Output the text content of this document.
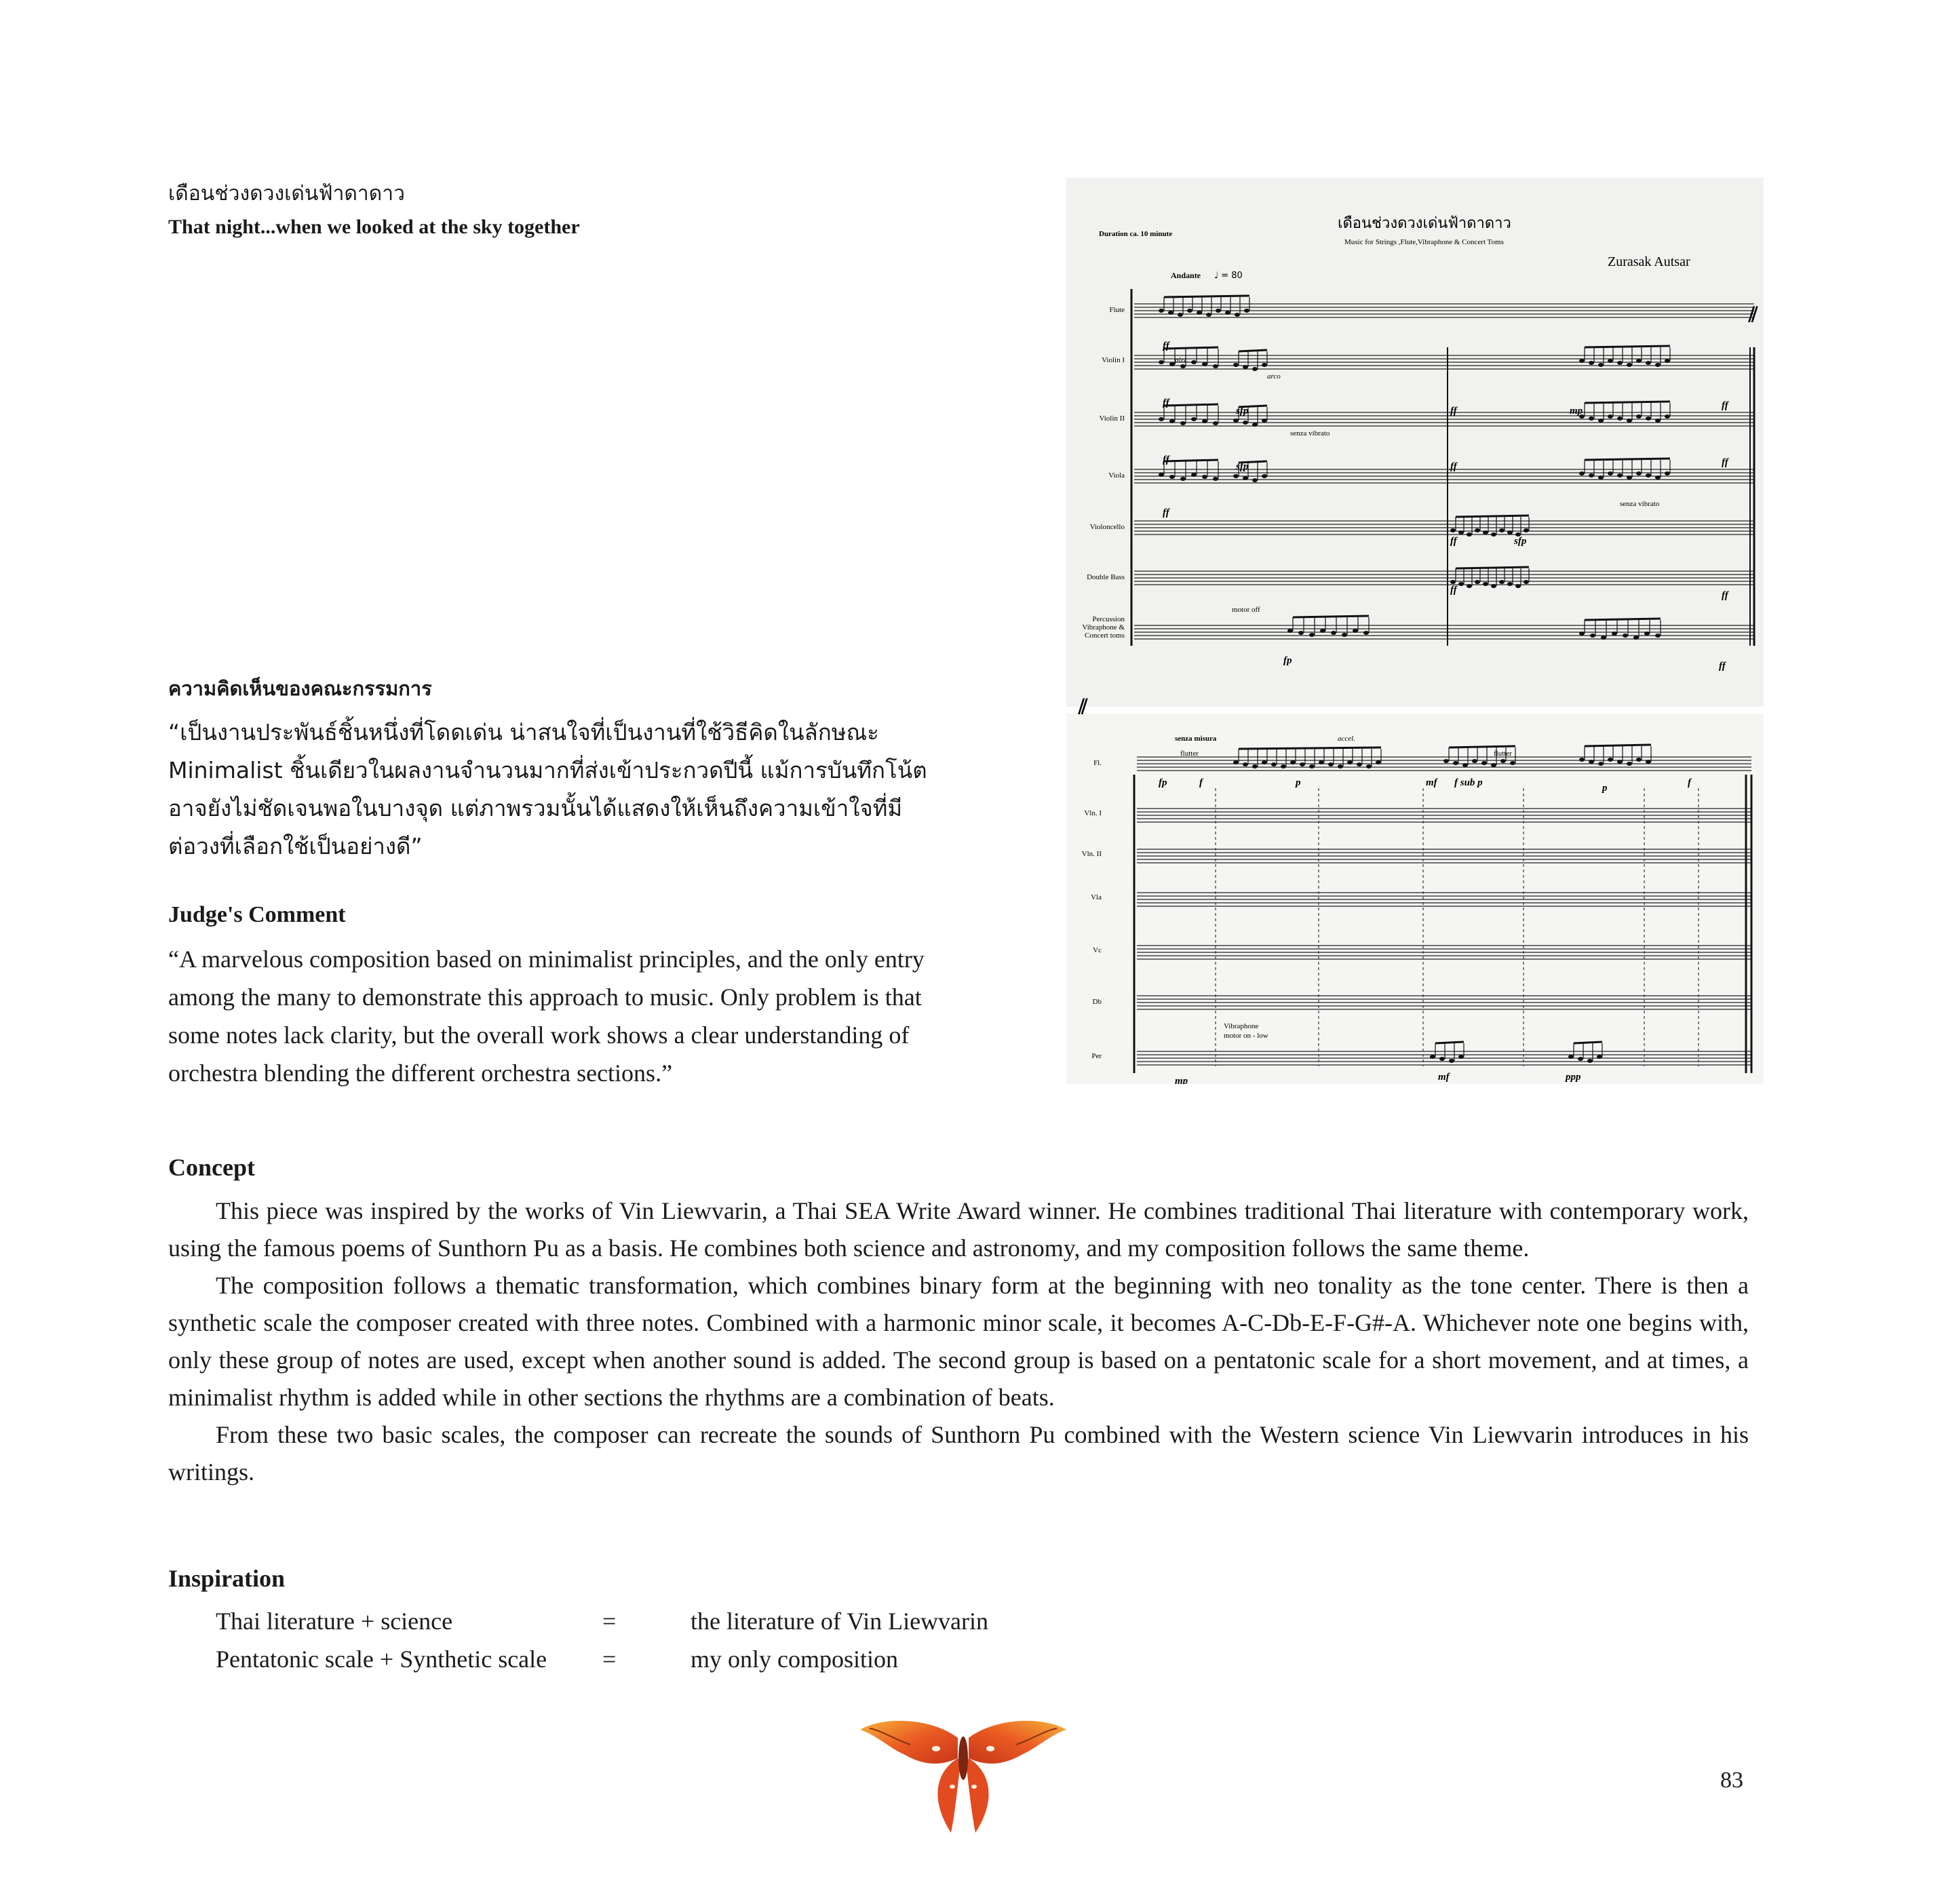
เดือนช่วงดวงเด่นฟ้าดาดาว
That night...when we looked at the sky together
ความคิดเห็นของคณะกรรมการ
“เป็นงานประพันธ์ชิ้นหนึ่งที่โดดเด่น น่าสนใจที่เป็นงานที่ใช้วิธีคิดในลักษณะ
Minimalist ชิ้นเดียวในผลงานจำนวนมากที่ส่งเข้าประกวดปีนี้ แม้การบันทึกโน้ต
อาจยังไม่ชัดเจนพอในบางจุด แต่ภาพรวมนั้นได้แสดงให้เห็นถึงความเข้าใจที่มี
ต่อวงที่เลือกใช้เป็นอย่างดี”
Judge's Comment
“A marvelous composition based on minimalist principles, and the only entry
among the many to demonstrate this approach to music. Only problem is that
some notes lack clarity, but the overall work shows a clear understanding of
orchestra blending the different orchestra sections.”
Concept

This piece was inspired by the works of Vin Liewvarin, a Thai SEA Write Award winner. He combines traditional Thai literature with contemporary work, using the famous poems of Sunthorn Pu as a basis. He combines both science and astronomy, and my composition follows the same theme.

The composition follows a thematic transformation, which combines binary form at the beginning with neo tonality as the tone center. There is then a synthetic scale the composer created with three notes. Combined with a harmonic minor scale, it becomes A-C-Db-E-F-G#-A. Whichever note one begins with, only these group of notes are used, except when another sound is added. The second group is based on a pentatonic scale for a short movement, and at times, a minimalist rhythm is added while in other sections the rhythms are a combination of beats.

From these two basic scales, the composer can recreate the sounds of Sunthorn Pu combined with the Western science Vin Liewvarin introduces in his writings.

Inspiration
Thai literature + science	=	the literature of Vin Liewvarin
Pentatonic scale + Synthetic scale	=	my only composition
83
Duration ca. 10 minute
เดือนช่วงดวงเด่นฟ้าดาดาว
Music for Strings ,Flute,Vibraphone & Concert Toms
Zurasak Autsar
Andante ♩ = 80
Flute
Violin I
Violin II
Viola
Violoncello
Double Bass
Percussion
Vibraphone &
Concert toms
⫽
⫽
pizz.
arco
senza vibrato
senza vibrato
motor off
senza misura	accel.
flutter	flutter
Vibraphone
motor on - low
ff
ff
sfp	ff	mp	ff
ff
sfp	ff	ff
ff
ff	sfp
ff	ff
fp	ff
fp	f	p	mf f sub p	p	f
mp	mf	ppp
Fl.
Vln. I
Vln. II
Vla
Vc
Db
Per
